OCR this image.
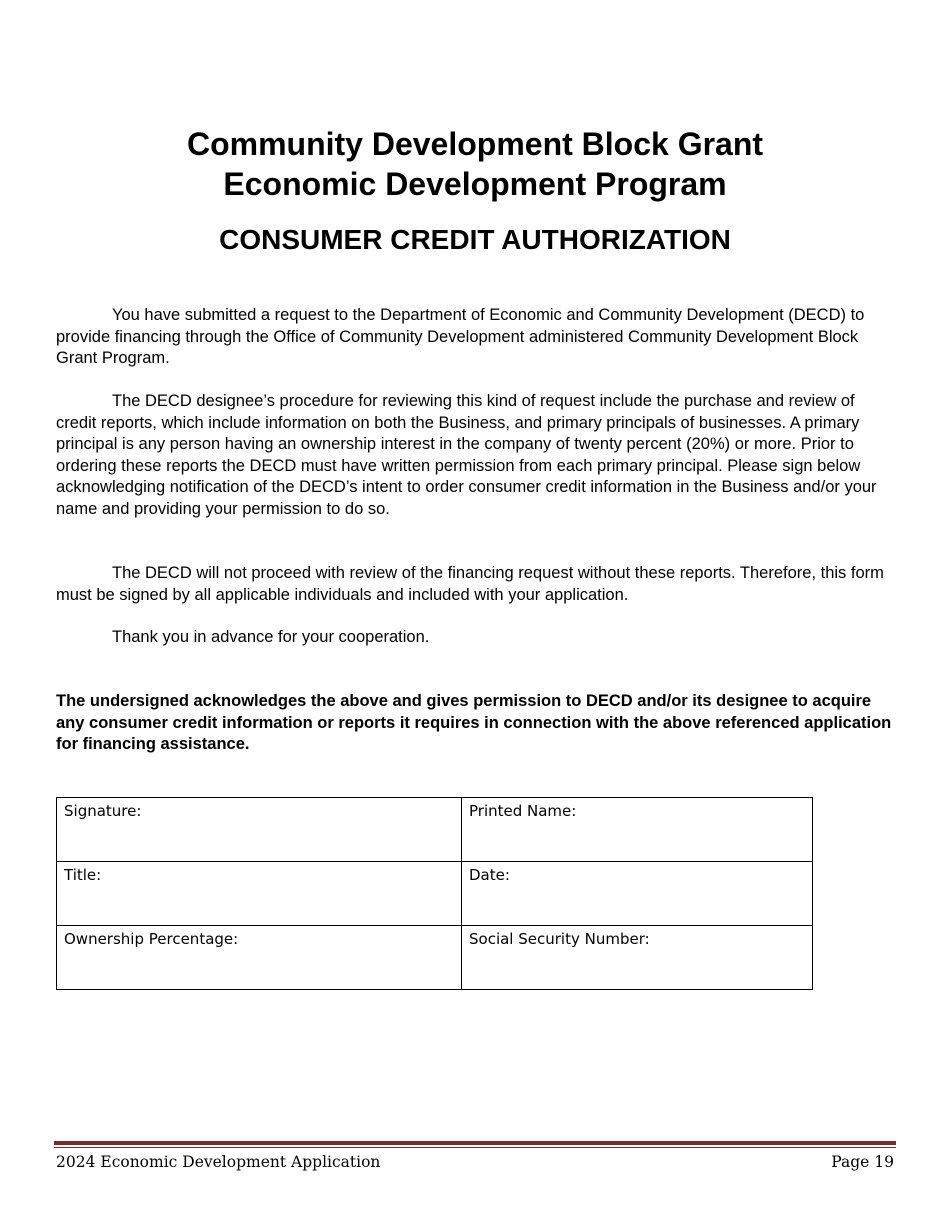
Community Development Block Grant

Economic Development Program

CONSUMER CREDIT AUTHORIZATION

You have submitted a request to the Department of Economic and Community Development (DECD) to provide financing through the Office of Community Development administered Community Development Block Grant Program.

The DECD designee’s procedure for reviewing this kind of request include the purchase and review of credit reports, which include information on both the Business, and primary principals of businesses. A primary principal is any person having an ownership interest in the company of twenty percent (20%) or more. Prior to ordering these reports the DECD must have written permission from each primary principal. Please sign below acknowledging notification of the DECD’s intent to order consumer credit information in the Business and/or your name and providing your permission to do so.

The DECD will not proceed with review of the financing request without these reports. Therefore, this form must be signed by all applicable individuals and included with your application.

Thank you in advance for your cooperation.

The undersigned acknowledges the above and gives permission to DECD and/or its designee to acquire any consumer credit information or reports it requires in connection with the above referenced application for financing assistance.

Signature:	Printed Name:
Title:	Date:
Ownership Percentage:	Social Security Number:
2024 Economic Development Application	Page 19
